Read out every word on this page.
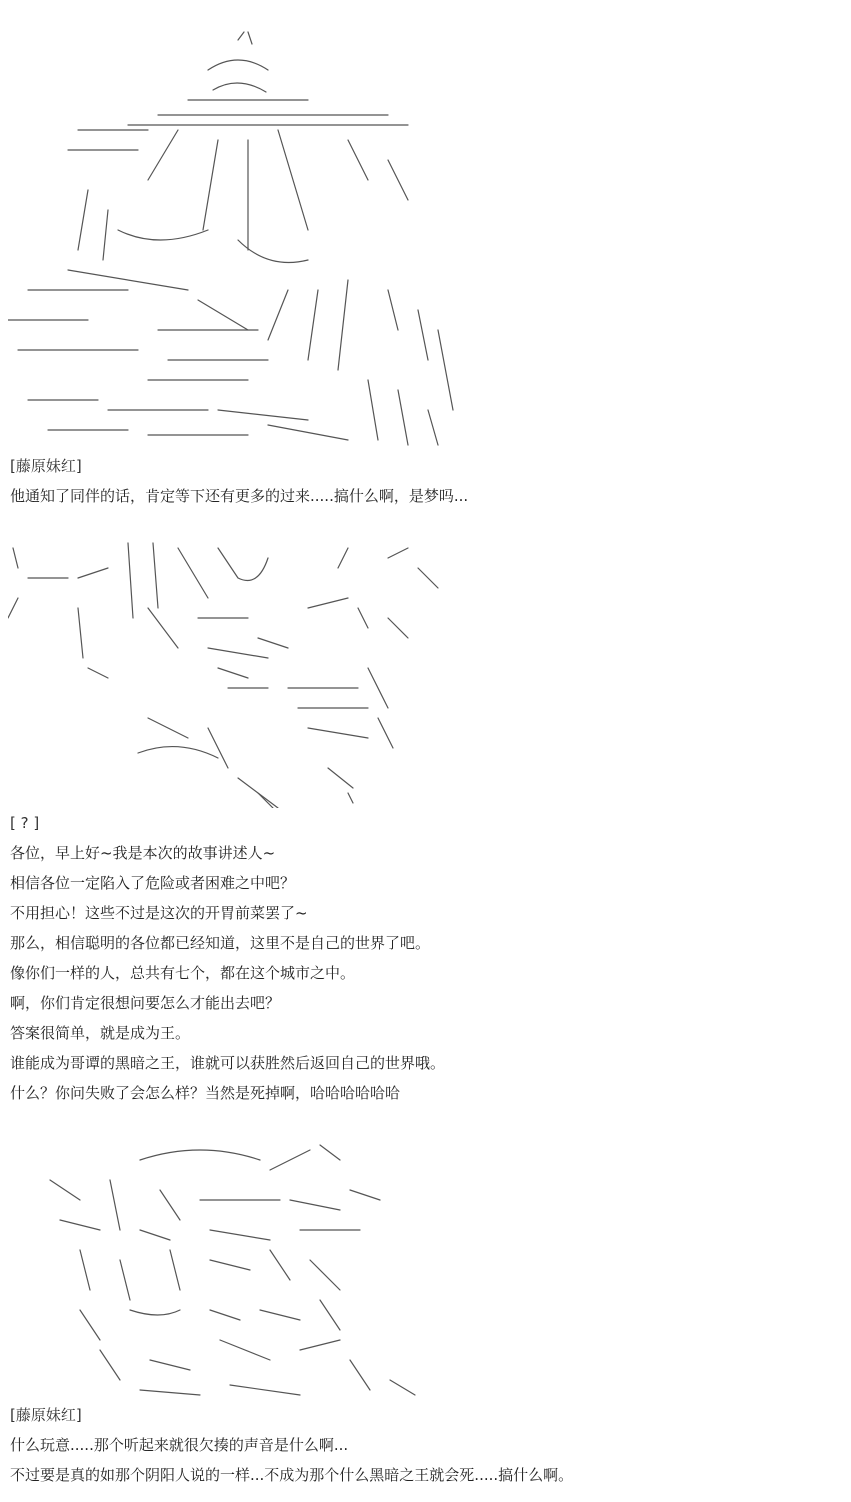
[藤原妹红]
他通知了同伴的话，肯定等下还有更多的过来.....搞什么啊，是梦吗...
[ ? ]
各位，早上好~我是本次的故事讲述人~
相信各位一定陷入了危险或者困难之中吧？
不用担心！这些不过是这次的开胃前菜罢了~
那么，相信聪明的各位都已经知道，这里不是自己的世界了吧。
像你们一样的人，总共有七个，都在这个城市之中。
啊，你们肯定很想问要怎么才能出去吧？
答案很简单，就是成为王。
谁能成为哥谭的黑暗之王，谁就可以获胜然后返回自己的世界哦。
什么？你问失败了会怎么样？当然是死掉啊，哈哈哈哈哈哈
[藤原妹红]
什么玩意.....那个听起来就很欠揍的声音是什么啊...
不过要是真的如那个阴阳人说的一样...不成为那个什么黑暗之王就会死.....搞什么啊。
